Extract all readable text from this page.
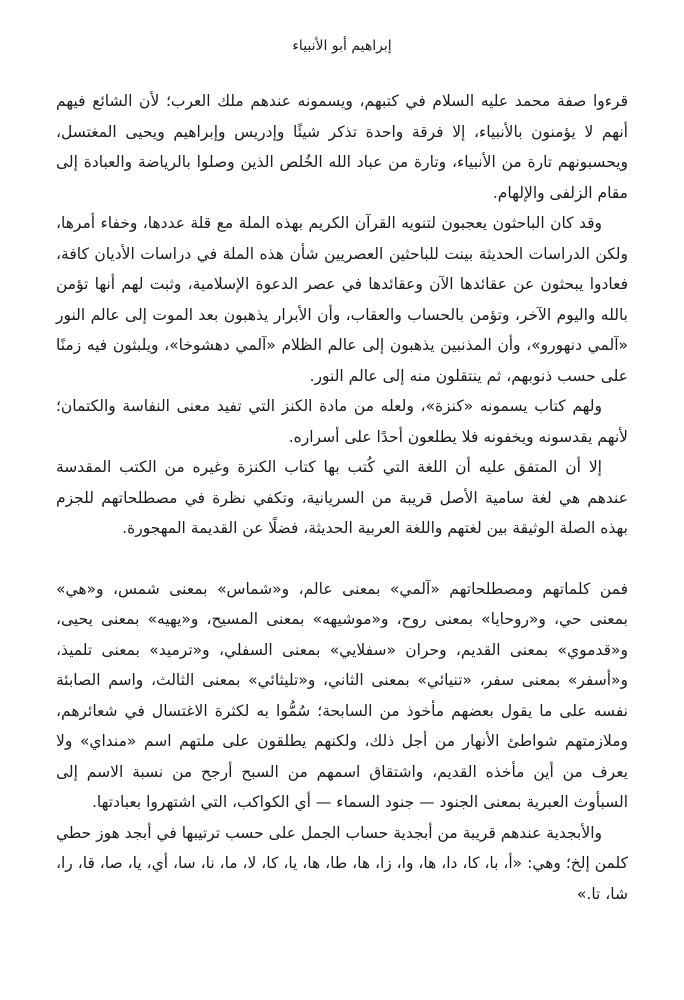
إبراهيم أبو الأنبياء

قرءوا صفة محمد عليه السلام في كتبهم، ويسمونه عندهم ملك العرب؛ لأن الشائع فيهم أنهم لا يؤمنون بالأنبياء، إلا فرقة واحدة تذكر شيئًا وإدريس وإبراهيم ويحيى المغتسل، ويحسبونهم تارة من الأنبياء، وتارة من عباد الله الخُلص الذين وصلوا بالرياضة والعبادة إلى مقام الزلفى والإلهام.

وقد كان الباحثون يعجبون لتنويه القرآن الكريم بهذه الملة مع قلة عددها، وخفاء أمرها، ولكن الدراسات الحديثة بينت للباحثين العصريين شأن هذه الملة في دراسات الأديان كافة، فعادوا يبحثون عن عقائدها الآن وعقائدها في عصر الدعوة الإسلامية، وثبت لهم أنها تؤمن بالله واليوم الآخر، وتؤمن بالحساب والعقاب، وأن الأبرار يذهبون بعد الموت إلى عالم النور «آلمي دنهورو»، وأن المذنبين يذهبون إلى عالم الظلام «آلمي دهشوخا»، ويلبثون فيه زمنًا على حسب ذنوبهم، ثم ينتقلون منه إلى عالم النور.

ولهم كتاب يسمونه «كنزة»، ولعله من مادة الكنز التي تفيد معنى النفاسة والكتمان؛ لأنهم يقدسونه ويخفونه فلا يطلعون أحدًا على أسراره.

إلا أن المتفق عليه أن اللغة التي كُتب بها كتاب الكنزة وغيره من الكتب المقدسة عندهم هي لغة سامية الأصل قريبة من السريانية، وتكفي نظرة في مصطلحاتهم للجزم بهذه الصلة الوثيقة بين لغتهم واللغة العربية الحديثة، فضلًا عن القديمة المهجورة.

فمن كلماتهم ومصطلحاتهم «آلمي» بمعنى عالم، و«شماس» بمعنى شمس، و«هي» بمعنى حي، و«روحايا» بمعنى روح، و«موشيهه» بمعنى المسيح، و«يهيه» بمعنى يحيى، و«قدموي» بمعنى القديم، وحران «سفلايي» بمعنى السفلي، و«ترميد» بمعنى تلميذ، و«أسفر» بمعنى سفر، «تنيائي» بمعنى الثاني، و«تليثائي» بمعنى الثالث، واسم الصابئة نفسه على ما يقول بعضهم مأخوذ من السابحة؛ سُمُّوا به لكثرة الاغتسال في شعائرهم، وملازمتهم شواطئ الأنهار من أجل ذلك، ولكنهم يطلقون على ملتهم اسم «منداي» ولا يعرف من أين مأخذه القديم، واشتقاق اسمهم من السبح أرجح من نسبة الاسم إلى السبأوث العبرية بمعنى الجنود — جنود السماء — أي الكواكب، التي اشتهروا بعبادتها.

والأبجدية عندهم قريبة من أبجدية حساب الجمل على حسب ترتيبها في أبجد هوز حطي كلمن إلخ؛ وهي: «أ، با، كا، دا، ها، وا، زا، ها، طا، ها، يا، كا، لا، ما، نا، سا، أي، يا، صا، قا، را، شا، تا.»
